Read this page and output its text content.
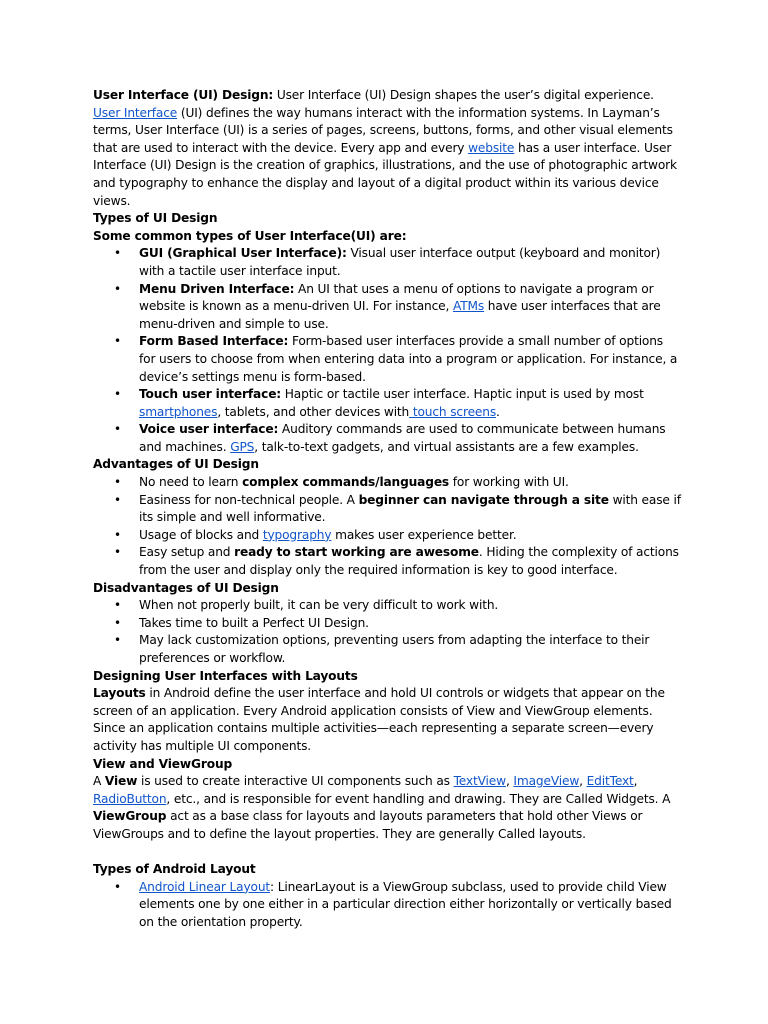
User Interface (UI) Design: User Interface (UI) Design shapes the user’s digital experience. User Interface (UI) defines the way humans interact with the information systems. In Layman’s terms, User Interface (UI) is a series of pages, screens, buttons, forms, and other visual elements that are used to interact with the device. Every app and every website has a user interface. User Interface (UI) Design is the creation of graphics, illustrations, and the use of photographic artwork and typography to enhance the display and layout of a digital product within its various device views.

Types of UI Design

Some common types of User Interface(UI) are:

• GUI (Graphical User Interface): Visual user interface output (keyboard and monitor) with a tactile user interface input.
• Menu Driven Interface: An UI that uses a menu of options to navigate a program or website is known as a menu-driven UI. For instance, ATMs have user interfaces that are menu-driven and simple to use.
• Form Based Interface: Form-based user interfaces provide a small number of options for users to choose from when entering data into a program or application. For instance, a device’s settings menu is form-based.
• Touch user interface: Haptic or tactile user interface. Haptic input is used by most smartphones, tablets, and other devices with touch screens.
• Voice user interface: Auditory commands are used to communicate between humans and machines. GPS, talk-to-text gadgets, and virtual assistants are a few examples.

Advantages of UI Design

• No need to learn complex commands/languages for working with UI.
• Easiness for non-technical people. A beginner can navigate through a site with ease if its simple and well informative.
• Usage of blocks and typography makes user experience better.
• Easy setup and ready to start working are awesome. Hiding the complexity of actions from the user and display only the required information is key to good interface.

Disadvantages of UI Design

• When not properly built, it can be very difficult to work with.
• Takes time to built a Perfect UI Design.
• May lack customization options, preventing users from adapting the interface to their preferences or workflow.

Designing User Interfaces with Layouts

Layouts in Android define the user interface and hold UI controls or widgets that appear on the screen of an application. Every Android application consists of View and ViewGroup elements. Since an application contains multiple activities—each representing a separate screen—every activity has multiple UI components.

View and ViewGroup

A View is used to create interactive UI components such as TextView, ImageView, EditText, RadioButton, etc., and is responsible for event handling and drawing. They are Called Widgets. A ViewGroup act as a base class for layouts and layouts parameters that hold other Views or ViewGroups and to define the layout properties. They are generally Called layouts.

Types of Android Layout

• Android Linear Layout: LinearLayout is a ViewGroup subclass, used to provide child View elements one by one either in a particular direction either horizontally or vertically based on the orientation property.
